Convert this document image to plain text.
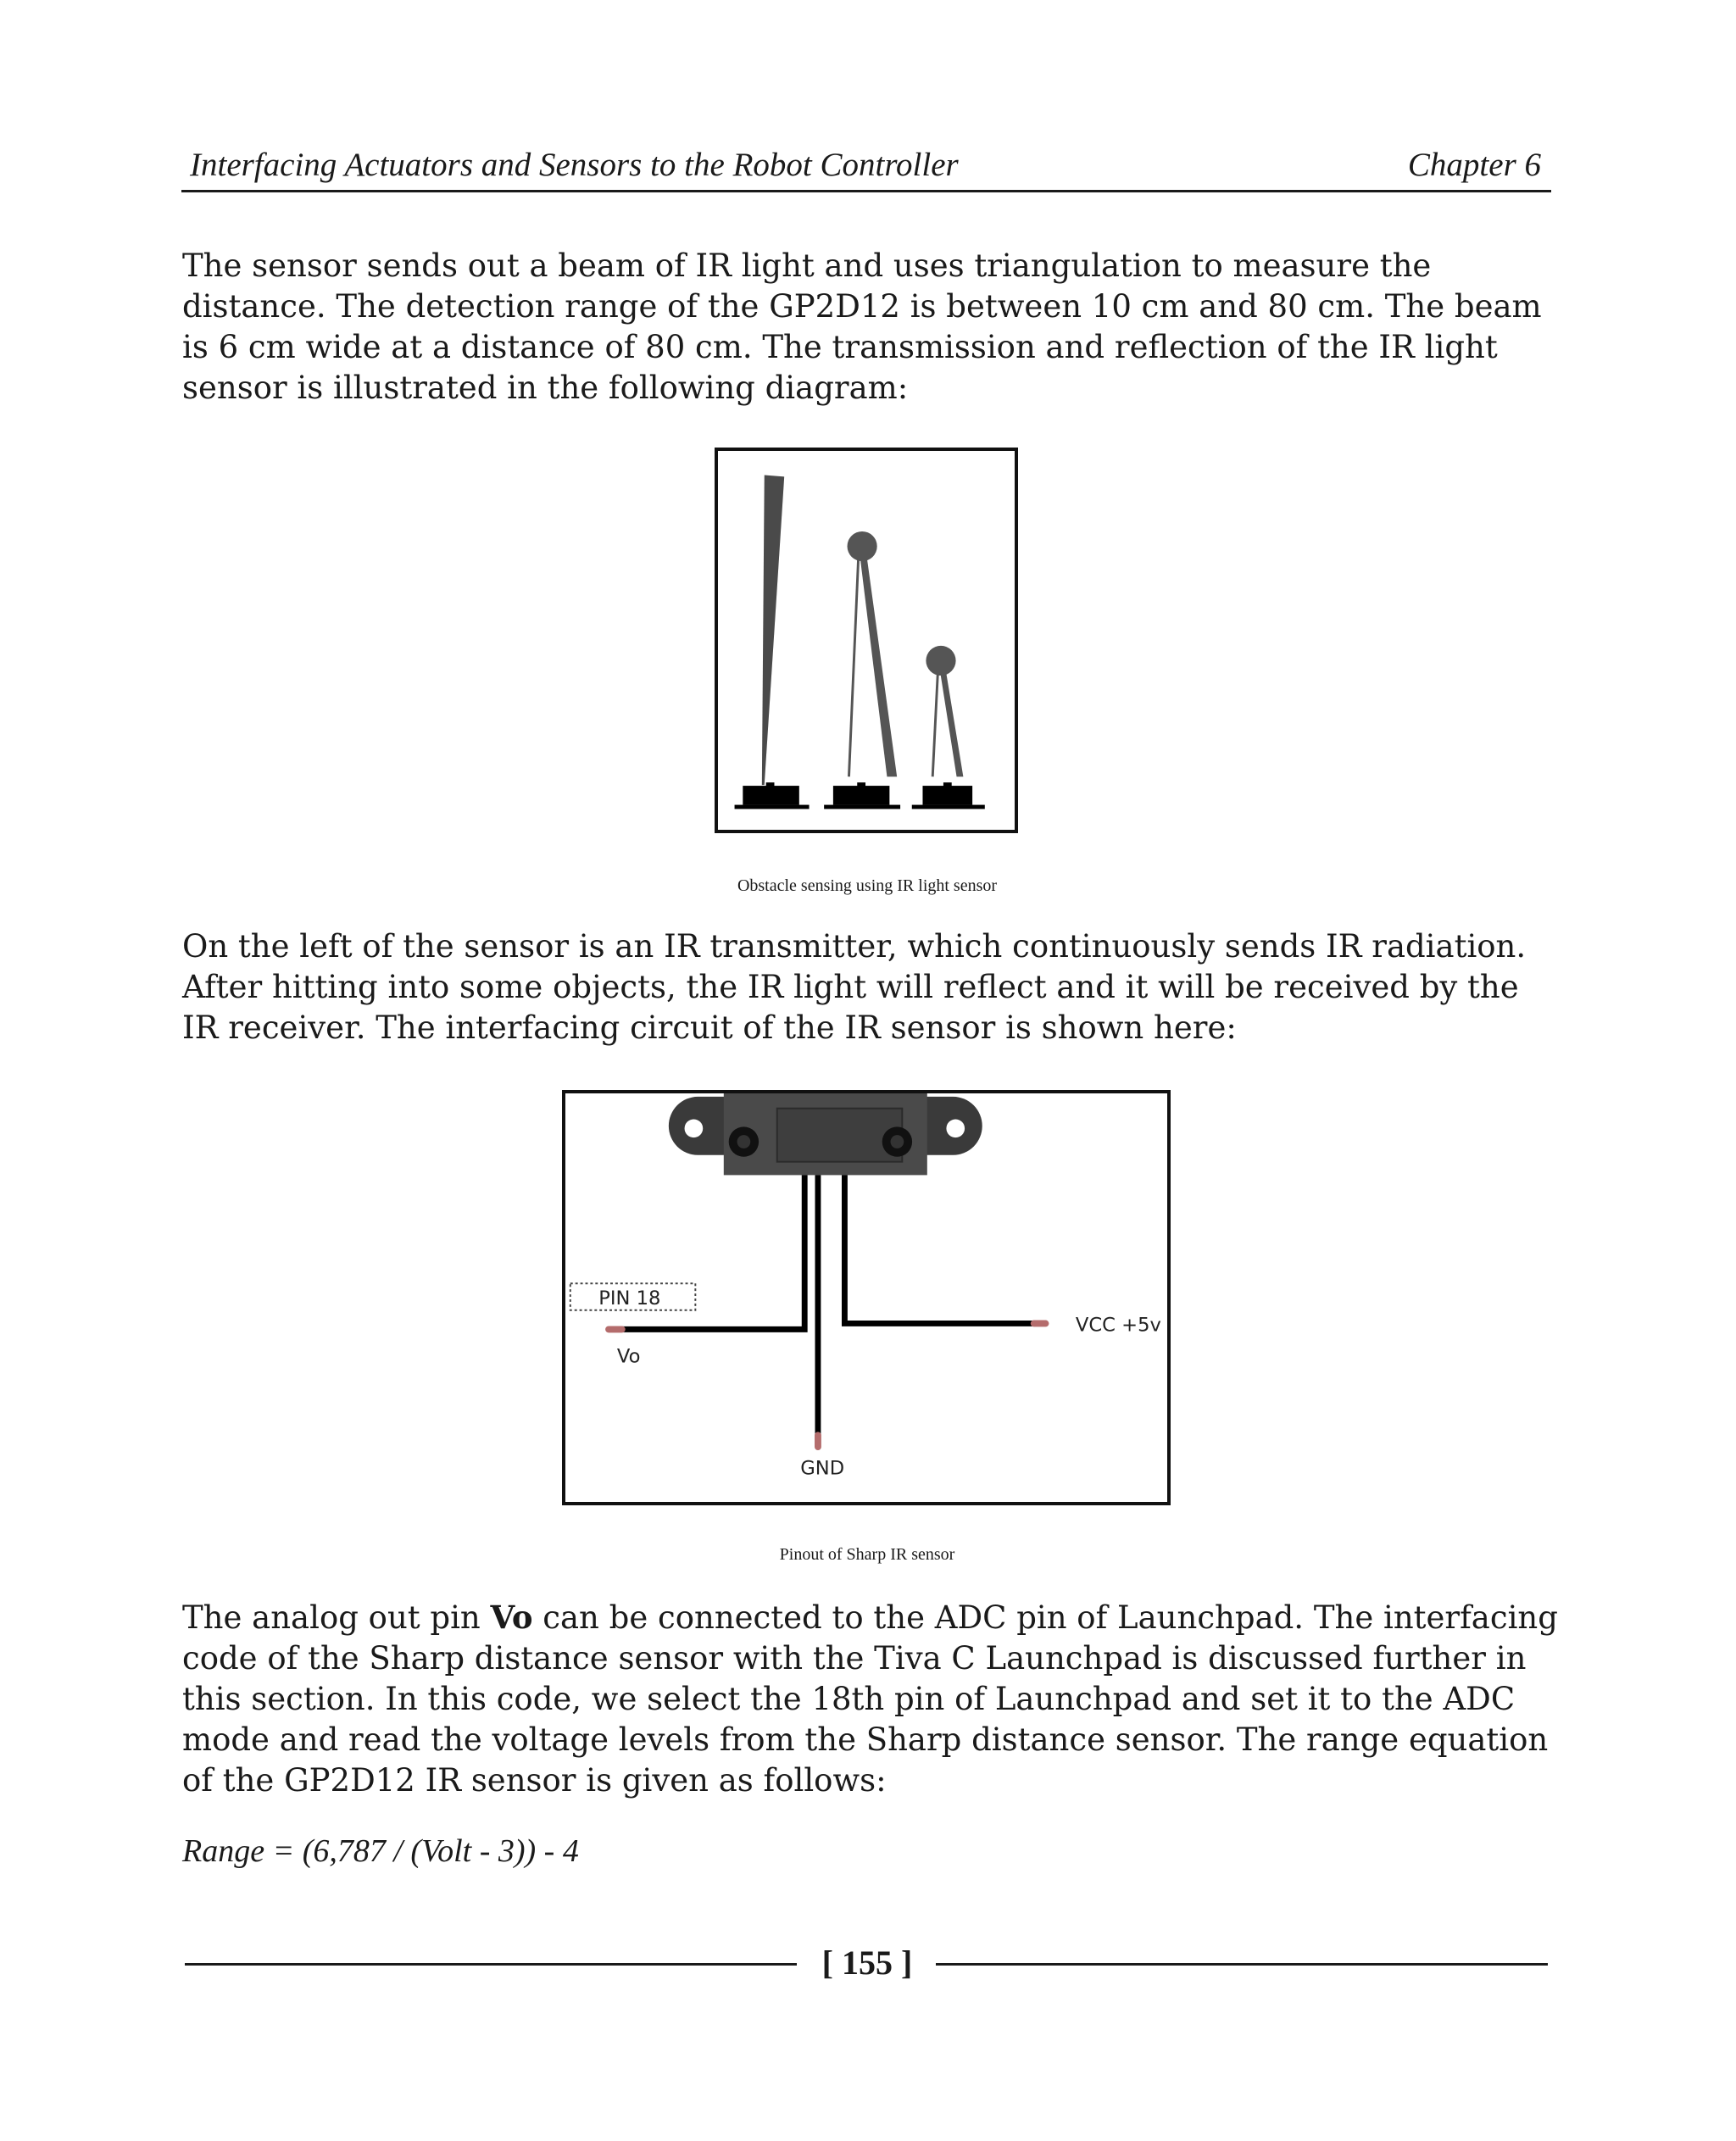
Interfacing Actuators and Sensors to the Robot Controller	Chapter 6

The sensor sends out a beam of IR light and uses triangulation to measure the distance. The detection range of the GP2D12 is between 10 cm and 80 cm. The beam is 6 cm wide at a distance of 80 cm. The transmission and reflection of the IR light sensor is illustrated in the following diagram:

Obstacle sensing using IR light sensor

On the left of the sensor is an IR transmitter, which continuously sends IR radiation. After hitting into some objects, the IR light will reflect and it will be received by the IR receiver. The interfacing circuit of the IR sensor is shown here:

PIN 18
Vo
VCC +5v
GND
Pinout of Sharp IR sensor

The analog out pin Vo can be connected to the ADC pin of Launchpad. The interfacing code of the Sharp distance sensor with the Tiva C Launchpad is discussed further in this section. In this code, we select the 18th pin of Launchpad and set it to the ADC mode and read the voltage levels from the Sharp distance sensor. The range equation of the GP2D12 IR sensor is given as follows:

Range = (6,787 / (Volt - 3)) - 4
[ 155 ]
